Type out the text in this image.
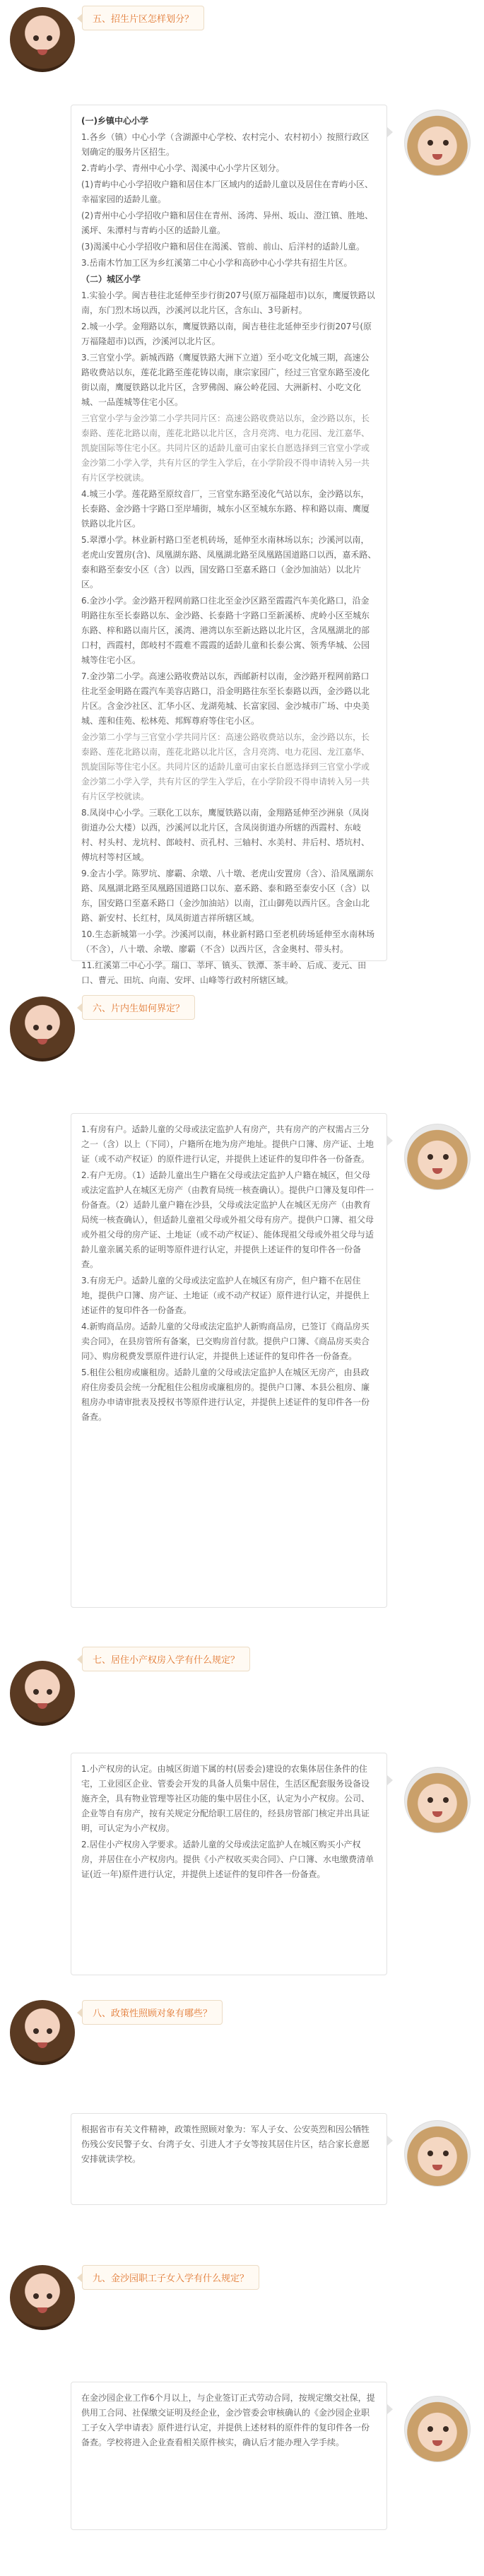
五、招生片区怎样划分？

(一)乡镇中心小学

1.各乡（镇）中心小学（含湖源中心学校、农村完小、农村初小）按照行政区划确定的服务片区招生。

2.青屿小学、青州中心小学、渴溪中心小学片区划分。

(1)青屿中心小学招收户籍和居住本厂区域内的适龄儿童以及居住在青屿小区、幸福家园的适龄儿童。

(2)青州中心小学招收户籍和居住在青州、汤湾、异州、坂山、澄江镇、胜地、溪坪、朱潭村与青屿小区的适龄儿童。

(3)渴溪中心小学招收户籍和居住在渴溪、管前、前山、后洋村的适龄儿童。

3.岳南木竹加工区为乡红溪第二中心小学和高砂中心小学共有招生片区。

（二）城区小学

1.实验小学。闽吉巷往北延伸至步行街207号(原万福隆超市)以东，鹰厦铁路以南，东门烈木场以西，沙溪河以北片区，含东山、3号新村。

2.城一小学。金翔路以东，鹰厦铁路以南，闽吉巷往北延伸至步行街207号(原万福隆超市)以西，沙溪河以北片区。

3.三官堂小学。新城西路（鹰厦铁路大洲下立道）至小吃文化城三期，高速公路收费站以东，莲花北路至莲花铸以南，康宗家园广，经过三官堂东路至凌化街以南，鹰厦铁路以北片区，含罗佛阁、麻公岭花园、大洲新村、小吃文化城、一品莲城等住宅小区。

三官堂小学与金沙第二小学共同片区：高速公路收费站以东，金沙路以东，长泰路、莲花北路以南，莲花北路以北片区，含月亮湾、电力花园、龙江嘉华、凯旋国际等住宅小区。共同片区的适龄儿童可由家长自愿选择到三官堂小学或金沙第二小学入学，共有片区的学生入学后，在小学阶段不得申请转入另一共有片区学校就读。

4.城三小学。莲花路至原纹音厂，三官堂东路至凌化气站以东，金沙路以东，长泰路、金沙路十字路口至岸埔街，城东小区至城东东路、梓和路以南、鹰厦铁路以北片区。

5.翠潭小学。林业新村路口至老机砖场，延伸至水南林场以东；沙溪河以南，老虎山安置房(含)、凤凰湖东路、凤凰湖北路至凤凰路国道路口以西，嘉禾路、泰和路至泰安小区（含）以西，国安路口至嘉禾路口（金沙加油站）以北片区。

6.金沙小学。金沙路开程网前路口往北至金沙区路至霞霞汽车美化路口，沿金明路往东至长泰路以东、金沙路、长泰路十字路口至新溪桥、虎岭小区至城东东路、梓和路以南片区，溪湾、港湾以东至新达路以北片区，含凤凰湖北的部口村，西霞村，郎岐村不霞难不霞霞的适龄儿童和长泰公寓、领秀华城、公园城等住宅小区。

7.金沙第二小学。高速公路收费站以东，西邮新村以南，金沙路开程网前路口往北至金明路在霞汽车美容店路口，沿金明路往东至长泰路以西，金沙路以北片区。含金沙社区、汇华小区、龙湖苑城、长富家园、金沙城市广场、中央美城、莲和佳苑、松林苑、邦辉尊府等住宅小区。

金沙第二小学与三官堂小学共同片区：高速公路收费站以东，金沙路以东，长泰路、莲花北路以南，莲花北路以北片区，含月亮湾、电力花园、龙江嘉华、凯旋国际等住宅小区。共同片区的适龄儿童可由家长自愿选择到三官堂小学或金沙第二小学入学，共有片区的学生入学后，在小学阶段不得申请转入另一共有片区学校就读。

8.凤岗中心小学。三联化工以东，鹰厦铁路以南，金翔路延伸至沙洲泉（凤岗街道办公大楼）以西，沙溪河以北片区，含凤岗街道办所辖的西霞村、东岐村、村头村、龙坑村、郎岐村、贡孔村、三轴村、水美村、井后村、塔坑村、傅坑村等村区域。

9.金古小学。陈罗坑、廖霸、余墩、八十墩、老虎山安置房（含）、沿凤凰湖东路、凤凰湖北路至凤凰路国道路口以东、嘉禾路、泰和路至泰安小区（含）以东，国安路口至嘉禾路口（金沙加油站）以南，江山御苑以西片区。含金山北路、新安村、长红村，凤凤街道吉祥所辖区域。

10.生态新城第一小学。沙溪河以南，林业新村路口至老机砖场延伸至水南林场（不含），八十墩、余墩、廖霸（不含）以西片区，含金奥村、带头村。

11.红溪第二中心小学。瑞口、莘坪、镇头、铁潭、茶丰岭、后成、麦元、田口、曹元、田坑、向南、安坪、山峰等行政村所辖区域。

六、片内生如何界定？

1.有房有户。适龄儿童的父母或法定监护人有房产，共有房产的产权需占三分之一（含）以上（下同），户籍所在地为房产地址。提供户口簿、房产证、土地证（或不动产权证）的原件进行认定，并提供上述证件的复印件各一份备查。

2.有户无房。（1）适龄儿童出生户籍在父母或法定监护人户籍在城区，但父母或法定监护人在城区无房产（由教育局统一核查确认）。提供户口簿及复印件一份备查。（2）适龄儿童户籍在沙县，父母或法定监护人在城区无房产（由教育局统一核查确认），但适龄儿童祖父母或外祖父母有房产。提供户口簿、祖父母或外祖父母的房产证、土地证（或不动产权证）、能体现祖父母或外祖父母与适龄儿童亲属关系的证明等原件进行认定，并提供上述证件的复印件各一份备查。

3.有房无户。适龄儿童的父母或法定监护人在城区有房产，但户籍不在居住地，提供户口簿、房产证、土地证（或不动产权证）原件进行认定，并提供上述证件的复印件各一份备查。

4.新购商品房。适龄儿童的父母或法定监护人新购商品房，已签订《商品房买卖合同》，在县房管所有备案，已交购房首付款。提供户口簿、《商品房买卖合同》、购房税费发票原件进行认定，并提供上述证件的复印件各一份备查。

5.租住公租房或廉租房。适龄儿童的父母或法定监护人在城区无房产，由县政府住房委员会统一分配租住公租房或廉租房的。提供户口簿、本县公租房、廉租房办申请审批表及授权书等原件进行认定，并提供上述证件的复印件各一份备查。

七、居住小产权房入学有什么规定？

1.小产权房的认定。由城区街道下属的村(居委会)建设的农集体居住条件的住宅，工业园区企业、管委会开发的具备人员集中居住，生活区配套服务设备设施齐全，具有物业管理等社区功能的集中居住小区，认定为小产权房。公司、企业等自有房产，按有关规定分配给职工居住的，经县房管部门核定并出具证明，可认定为小产权房。

2.居住小产权房入学要求。适龄儿童的父母或法定监护人在城区购买小产权房，并居住在小产权房内。提供《小产权收买卖合同》、户口簿、水电缴费清单证(近一年)原件进行认定，并提供上述证件的复印件各一份备查。

八、政策性照顾对象有哪些？

根据省市有关文件精神，政策性照顾对象为：军人子女、公安英烈和因公牺牲伤残公安民警子女、台湾子女、引进人才子女等按其居住片区，结合家长意愿安排就读学校。

九、金沙园职工子女入学有什么规定？

在金沙园企业工作6个月以上，与企业签订正式劳动合同，按规定缴交社保，提供用工合同、社保缴交证明及经企业，金沙管委会审核确认的《金沙园企业职工子女入学申请表》原件进行认定，并提供上述材料的原件件的复印件各一份备查。学校将进入企业查看相关原件核实，确认后才能办理入学手续。
